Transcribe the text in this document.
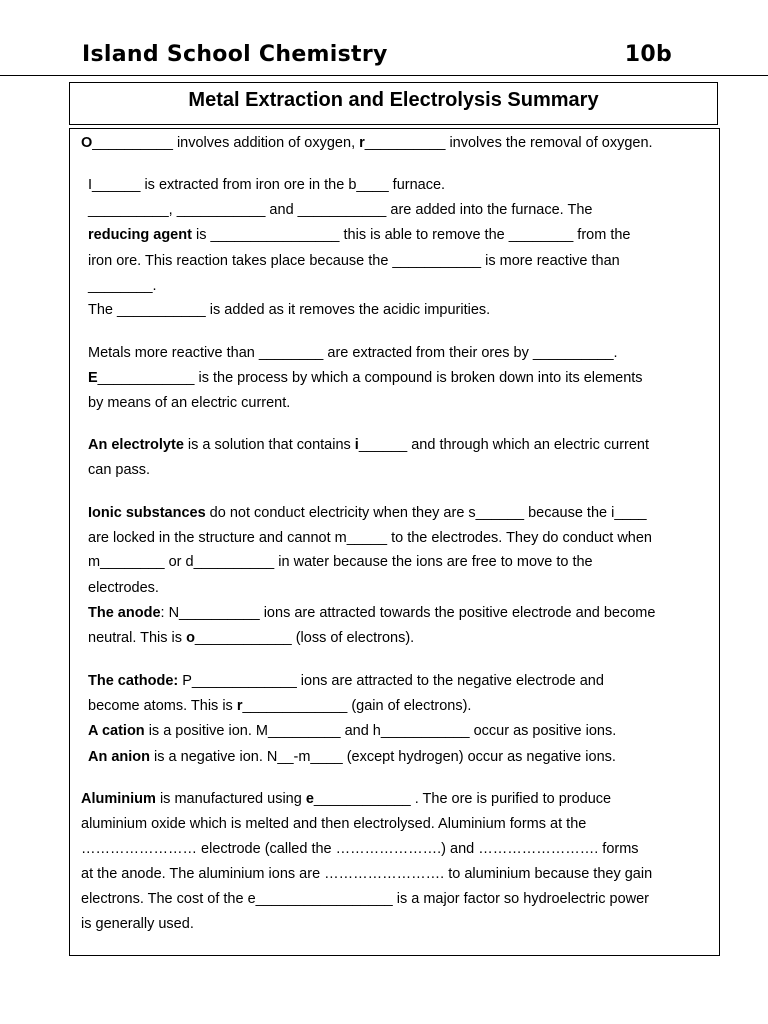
Island School Chemistry	10b
Metal Extraction and Electrolysis Summary
O__________ involves addition of oxygen, r__________ involves the removal of oxygen.
I______ is extracted from iron ore in the b____ furnace.
__________, ___________ and ___________ are added into the furnace. The
reducing agent is ________________ this is able to remove the ________ from the
iron ore. This reaction takes place because the ___________ is more reactive than
________.
The ___________ is added as it removes the acidic impurities.
Metals more reactive than ________ are extracted from their ores by __________.
E____________ is the process by which a compound is broken down into its elements
by means of an electric current.
An electrolyte is a solution that contains i______ and through which an electric current
can pass.
Ionic substances do not conduct electricity when they are s______ because the i____
are locked in the structure and cannot m_____ to the electrodes. They do conduct when
m________ or d__________ in water because the ions are free to move to the
electrodes.
The anode: N__________ ions are attracted towards the positive electrode and become
neutral. This is o____________ (loss of electrons).
The cathode: P_____________ ions are attracted to the negative electrode and
become atoms. This is r_____________ (gain of electrons).
A cation is a positive ion. M_________ and h___________ occur as positive ions.
An anion is a negative ion. N__-m____ (except hydrogen) occur as negative ions.
Aluminium is manufactured using e____________ . The ore is purified to produce
aluminium oxide which is melted and then electrolysed. Aluminium forms at the
…………………… electrode (called the ………………….) and ……………………. forms
at the anode. The aluminium ions are ……………………. to aluminium because they gain
electrons. The cost of the e_________________ is a major factor so hydroelectric power
is generally used.
